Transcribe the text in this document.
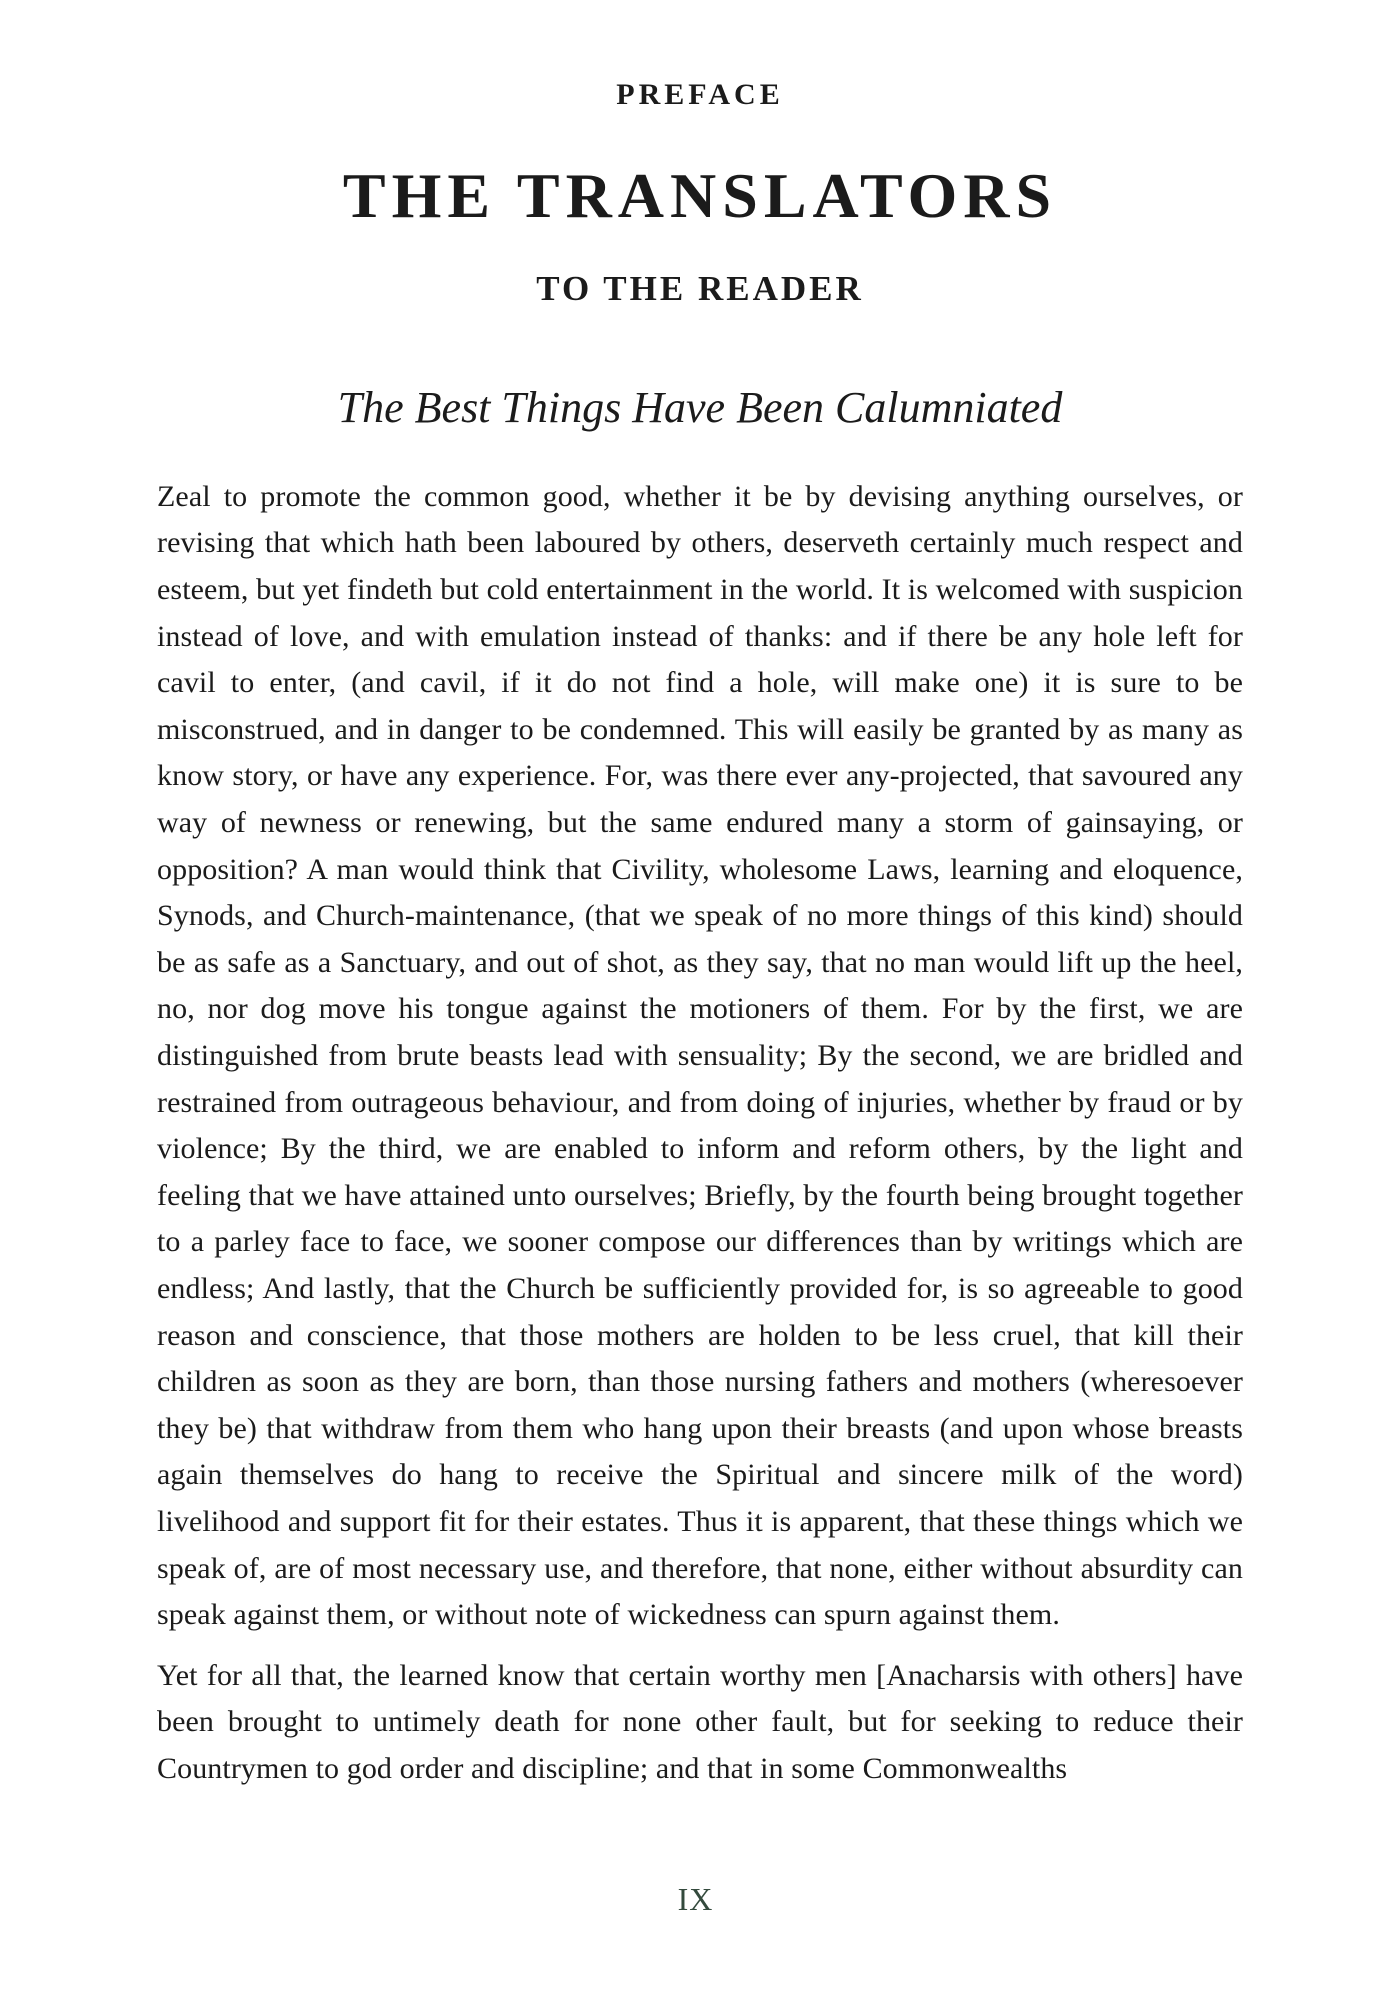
PREFACE
THE TRANSLATORS
TO THE READER
The Best Things Have Been Calumniated

Zeal to promote the common good, whether it be by devising anything ourselves, or revising that which hath been laboured by others, deserveth certainly much respect and esteem, but yet findeth but cold entertainment in the world. It is welcomed with suspicion instead of love, and with emulation instead of thanks: and if there be any hole left for cavil to enter, (and cavil, if it do not find a hole, will make one) it is sure to be misconstrued, and in danger to be condemned. This will easily be granted by as many as know story, or have any experience. For, was there ever any-projected, that savoured any way of newness or renewing, but the same endured many a storm of gainsaying, or opposition? A man would think that Civility, wholesome Laws, learning and eloquence, Synods, and Church-maintenance, (that we speak of no more things of this kind) should be as safe as a Sanctuary, and out of shot, as they say, that no man would lift up the heel, no, nor dog move his tongue against the motioners of them. For by the first, we are distinguished from brute beasts lead with sensuality; By the second, we are bridled and restrained from outrageous behaviour, and from doing of injuries, whether by fraud or by violence; By the third, we are enabled to inform and reform others, by the light and feeling that we have attained unto ourselves; Briefly, by the fourth being brought together to a parley face to face, we sooner compose our differences than by writings which are endless; And lastly, that the Church be sufficiently provided for, is so agreeable to good reason and conscience, that those mothers are holden to be less cruel, that kill their children as soon as they are born, than those nursing fathers and mothers (wheresoever they be) that withdraw from them who hang upon their breasts (and upon whose breasts again themselves do hang to receive the Spiritual and sincere milk of the word) livelihood and support fit for their estates. Thus it is apparent, that these things which we speak of, are of most necessary use, and therefore, that none, either without absurdity can speak against them, or without note of wickedness can spurn against them.

Yet for all that, the learned know that certain worthy men [Anacharsis with others] have been brought to untimely death for none other fault, but for seeking to reduce their Countrymen to god order and discipline; and that in some Commonwealths

IX
